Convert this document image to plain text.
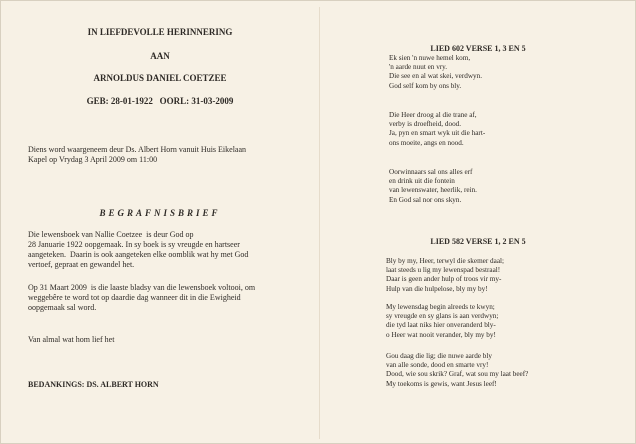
IN LIEFDEVOLLE HERINNERING
AAN
ARNOLDUS DANIEL COETZEE
GEB: 28-01-1922   OORL: 31-03-2009
Diens word waargeneem deur Ds. Albert Horn vanuit Huis Eikelaan
Kapel op Vrydag 3 April 2009 om 11:00
BEGRAFNISBRIEF
Die lewensboek van Nallie Coetzee  is deur God op
28 Januarie 1922 oopgemaak. In sy boek is sy vreugde en hartseer
aangeteken.  Daarin is ook aangeteken elke oomblik wat hy met God
vertoef, gepraat en gewandel het.
Op 31 Maart 2009  is die laaste bladsy van die lewensboek voltooi, om
weggebêre te word tot op daardie dag wanneer dit in die Ewigheid
oopgemaak sal word.
Van almal wat hom lief het
BEDANKINGS: DS. ALBERT HORN
LIED 602 VERSE 1, 3 EN 5
Ek sien 'n nuwe hemel kom,
'n aarde nuut en vry.
Die see en al wat skei, verdwyn.
God self kom by ons bly.
Die Heer droog al die trane af,
verby is droefheid, dood.
Ja, pyn en smart wyk uit die hart-
ons moeite, angs en nood.
Oorwinnaars sal ons alles erf
en drink uit die fontein
van lewenswater, heerlik, rein.
En God sal nor ons skyn.
LIED 582 VERSE 1, 2 EN 5
Bly by my, Heer, terwyl die skemer daal;
laat steeds u lig my lewenspad bestraal!
Daar is geen ander hulp of troos vir my-
Hulp van die hulpelose, bly my by!
My lewensdag begin alreeds te kwyn;
sy vreugde en sy glans is aan verdwyn;
die tyd laat niks hier onveranderd bly-
o Heer wat nooit verander, bly my by!
Gou daag die lig; die nuwe aarde bly
van alle sonde, dood en smarte vry!
Dood, wie sou skrik? Graf, wat sou my laat beef?
My toekoms is gewis, want Jesus leef!
